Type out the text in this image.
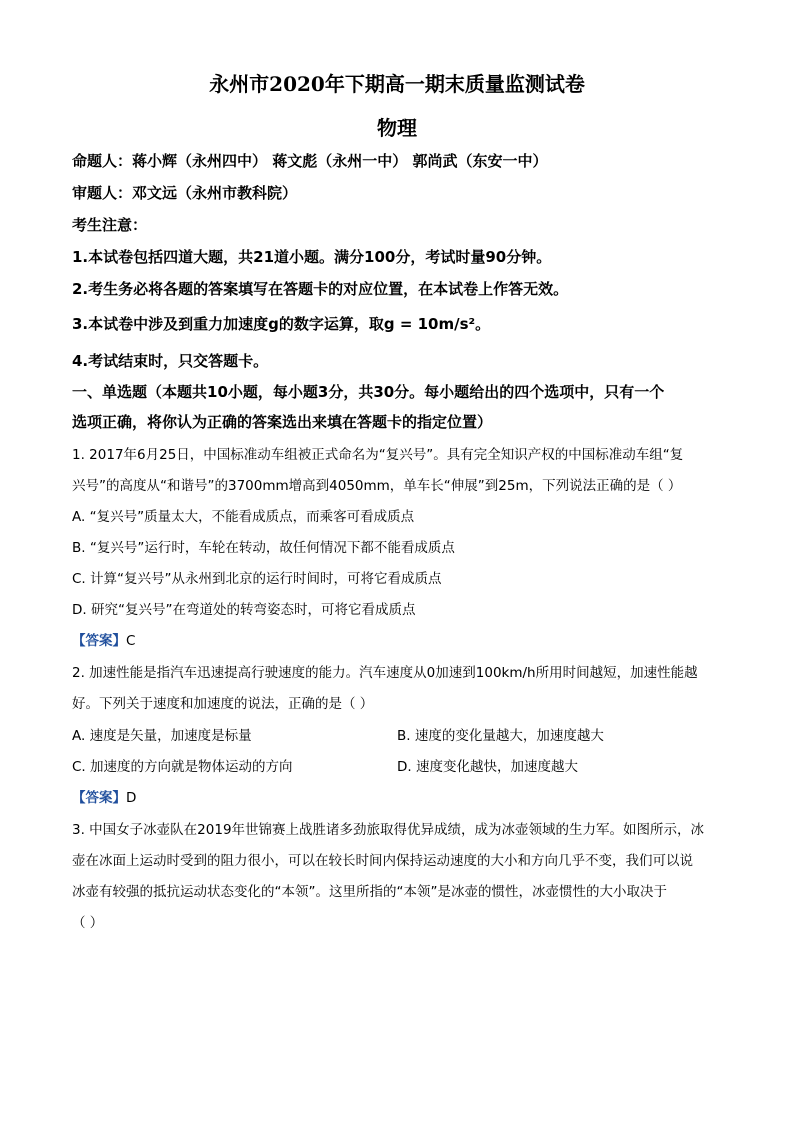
永州市2020年下期高一期末质量监测试卷
物理
命题人：蒋小辉（永州四中） 蒋文彪（永州一中） 郭尚武（东安一中）
审题人：邓文远（永州市教科院）
考生注意：
1.本试卷包括四道大题，共21道小题。满分100分，考试时量90分钟。
2.考生务必将各题的答案填写在答题卡的对应位置，在本试卷上作答无效。
3.本试卷中涉及到重力加速度g的数字运算，取g = 10m/s²。
4.考试结束时，只交答题卡。
一、单选题（本题共10小题，每小题3分，共30分。每小题给出的四个选项中，只有一个
选项正确，将你认为正确的答案选出来填在答题卡的指定位置）
1. 2017年6月25日，中国标准动车组被正式命名为“复兴号”。具有完全知识产权的中国标准动车组“复
兴号”的高度从“和谐号”的3700mm增高到4050mm，单车长“伸展”到25m，下列说法正确的是（ ）
A. “复兴号”质量太大，不能看成质点，而乘客可看成质点
B. “复兴号”运行时，车轮在转动，故任何情况下都不能看成质点
C. 计算“复兴号”从永州到北京的运行时间时，可将它看成质点
D. 研究“复兴号”在弯道处的转弯姿态时，可将它看成质点
【答案】C
2. 加速性能是指汽车迅速提高行驶速度的能力。汽车速度从0加速到100km/h所用时间越短，加速性能越
好。下列关于速度和加速度的说法，正确的是（ ）
A. 速度是矢量，加速度是标量	B. 速度的变化量越大，加速度越大
C. 加速度的方向就是物体运动的方向	D. 速度变化越快，加速度越大
【答案】D
3. 中国女子冰壶队在2019年世锦赛上战胜诸多劲旅取得优异成绩，成为冰壶领域的生力军。如图所示，冰
壶在冰面上运动时受到的阻力很小，可以在较长时间内保持运动速度的大小和方向几乎不变，我们可以说
冰壶有较强的抵抗运动状态变化的“本领”。这里所指的“本领”是冰壶的惯性，冰壶惯性的大小取决于
（ ）
